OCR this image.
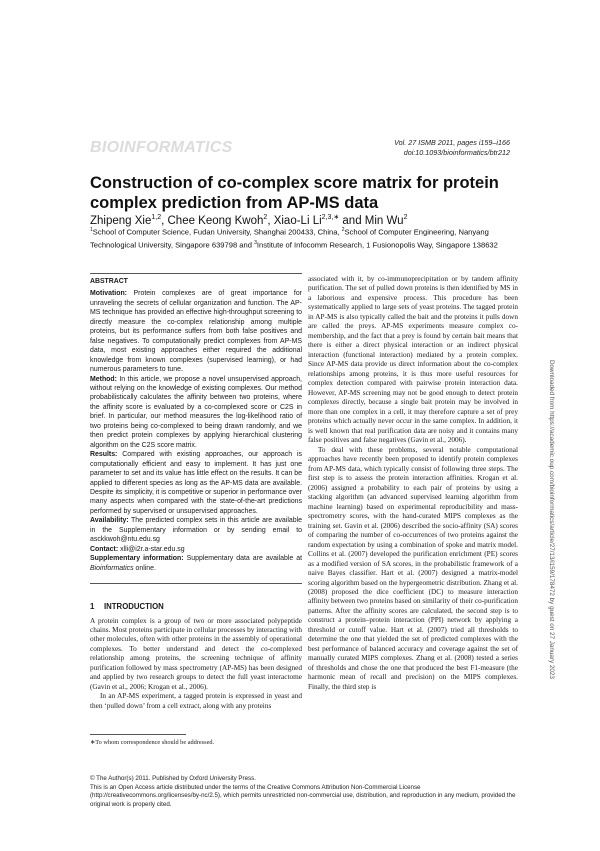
BIOINFORMATICS	Vol. 27 ISMB 2011, pages i159–i166
doi:10.1093/bioinformatics/btr212
Construction of co-complex score matrix for protein complex prediction from AP-MS data
Zhipeng Xie$^{1,2}$, Chee Keong Kwoh$^2$, Xiao-Li $Li^{2,3,∗}$ and Min Wu$^2$
$^1$School of Computer Science, Fudan University, Shanghai 200433, China, $^2$School of Computer Engineering, Nanyang Technological University, Singapore 639798 and $^3$Institute of Infocomm Research, 1 Fusionopolis Way, Singapore 138632
ABSTRACT

Motivation: Protein complexes are of great importance for unraveling the secrets of cellular organization and function. The AP-MS technique has provided an effective high-throughput screening to directly measure the co-complex relationship among multiple proteins, but its performance suffers from both false positives and false negatives. To computationally predict complexes from AP-MS data, most existing approaches either required the additional knowledge from known complexes (supervised learning), or had numerous parameters to tune.

Method: In this article, we propose a novel unsupervised approach, without relying on the knowledge of existing complexes. Our method probabilistically calculates the affinity between two proteins, where the affinity score is evaluated by a co-complexed score or C2S in brief. In particular, our method measures the log-likelihood ratio of two proteins being co-complexed to being drawn randomly, and we then predict protein complexes by applying hierarchical clustering algorithm on the C2S score matrix.

Results: Compared with existing approaches, our approach is computationally efficient and easy to implement. It has just one parameter to set and its value has little effect on the results. It can be applied to different species as long as the AP-MS data are available. Despite its simplicity, it is competitive or superior in performance over many aspects when compared with the state-of-the-art predictions performed by supervised or unsupervised approaches.

Availability: The predicted complex sets in this article are available in the Supplementary information or by sending email to asckkwoh@ntu.edu.sg

Contact: xlli@i2r.a-star.edu.sg

Supplementary information: Supplementary data are available at Bioinformatics online.

1 INTRODUCTION

A protein complex is a group of two or more associated polypeptide chains. Most proteins participate in cellular processes by interacting with other molecules, often with other proteins in the assembly of operational complexes. To better understand and detect the co-complexed relationship among proteins, the screening technique of affinity purification followed by mass spectrometry (AP-MS) has been designed and applied by two research groups to detect the full yeast interactome (Gavin et al., 2006; Krogan et al., 2006).

In an AP-MS experiment, a tagged protein is expressed in yeast and then ‘pulled down’ from a cell extract, along with any proteins

∗To whom correspondence should be addressed.

associated with it, by co-immunoprecipitation or by tandem affinity purification. The set of pulled down proteins is then identified by MS in a laborious and expensive process. This procedure has been systematically applied to large sets of yeast proteins. The tagged protein in AP-MS is also typically called the bait and the proteins it pulls down are called the preys. AP-MS experiments measure complex co-membership, and the fact that a prey is found by certain bait means that there is either a direct physical interaction or an indirect physical interaction (functional interaction) mediated by a protein complex. Since AP-MS data provide us direct information about the co-complex relationships among proteins, it is thus more useful resources for complex detection compared with pairwise protein interaction data. However, AP-MS screening may not be good enough to detect protein complexes directly, because a single bait protein may be involved in more than one complex in a cell, it may therefore capture a set of prey proteins which actually never occur in the same complex. In addition, it is well known that real purification data are noisy and it contains many false positives and false negatives (Gavin et al., 2006).

To deal with these problems, several notable computational approaches have recently been proposed to identify protein complexes from AP-MS data, which typically consist of following three steps. The first step is to assess the protein interaction affinities. Krogan et al. (2006) assigned a probability to each pair of proteins by using a stacking algorithm (an advanced supervised learning algorithm from machine learning) based on experimental reproducibility and mass-spectrometry scores, with the hand-curated MIPS complexes as the training set. Gavin et al. (2006) described the socio-affinity (SA) scores of comparing the number of co-occurrences of two proteins against the random expectation by using a combination of spoke and matrix model. Collins et al. (2007) developed the purification enrichment (PE) scores as a modified version of SA scores, in the probabilistic framework of a naive Bayes classifier. Hart et al. (2007) designed a matrix-model scoring algorithm based on the hypergeometric distribution. Zhang et al. (2008) proposed the dice coefficient (DC) to measure interaction affinity between two proteins based on similarity of their co-purification patterns. After the affinity scores are calculated, the second step is to construct a protein–protein interaction (PPI) network by applying a threshold or cutoff value. Hart et al. (2007) tried all thresholds to determine the one that yielded the set of predicted complexes with the best performance of balanced accuracy and coverage against the set of manually curated MIPS complexes. Zhang et al. (2008) tested a series of thresholds and chose the one that produced the best F1-measure (the harmonic mean of recall and precision) on the MIPS complexes. Finally, the third step is

© The Author(s) 2011. Published by Oxford University Press.

This is an Open Access article distributed under the terms of the Creative Commons Attribution Non-Commercial License (http://creativecommons.org/licenses/by-nc/2.5), which permits unrestricted non-commercial use, distribution, and reproduction in any medium, provided the original work is properly cited.

Downloaded from https://academic.oup.com/bioinformatics/article/27/13/i159/178472 by guest on 27 January 2023
